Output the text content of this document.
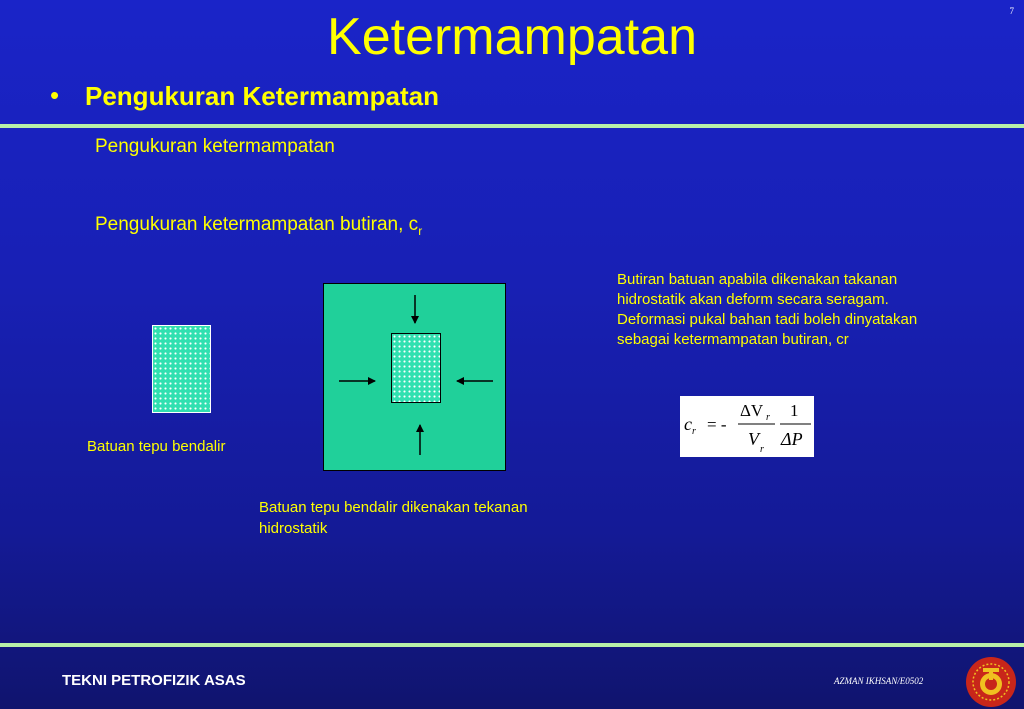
7
Ketermampatan
• Pengukuran Ketermampatan
Pengukuran ketermampatan
Pengukuran ketermampatan butiran, $c_r$
Batuan tepu bendalir
Batuan tepu bendalir dikenakan tekanan hidrostatik
Butiran batuan apabila dikenakan takanan hidrostatik akan deform secara seragam. Deformasi pukal bahan tadi boleh dinyatakan sebagai ketermampatan butiran, cr
c r = -
ΔV r
V
r
1
ΔP
TEKNI PETROFIZIK ASAS	AZMAN IKHSAN/E0502
